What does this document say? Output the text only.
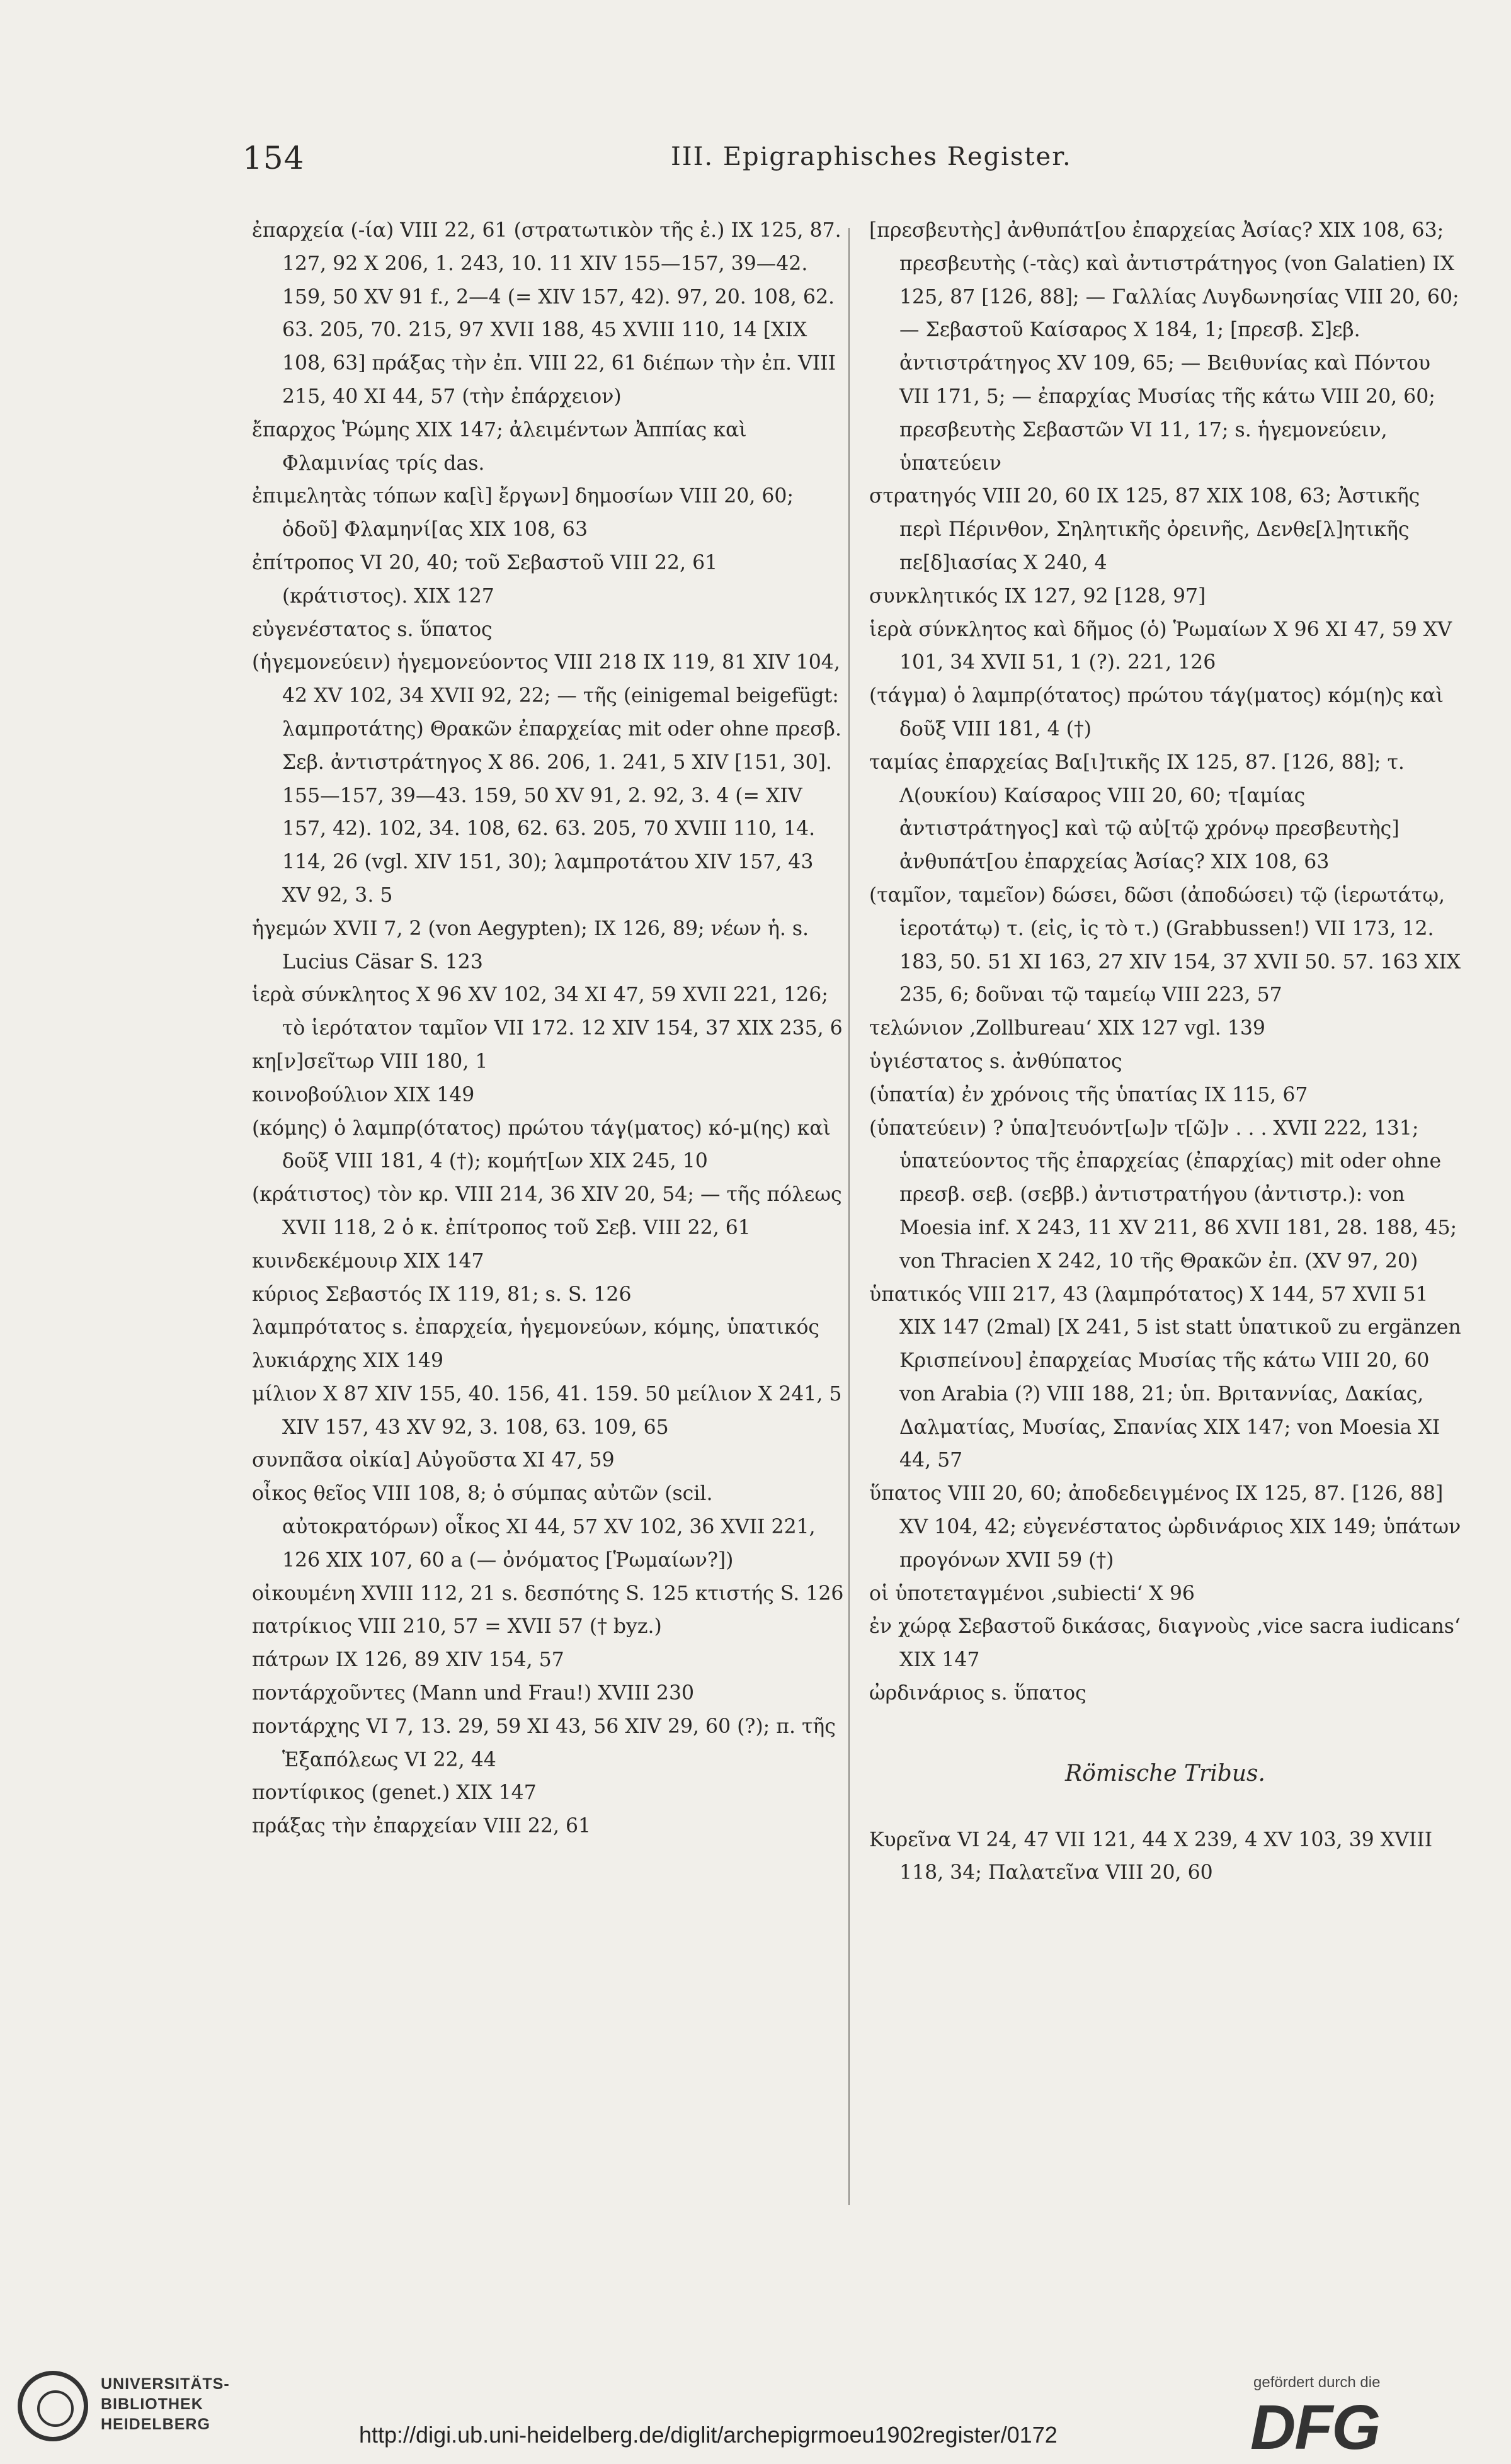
154	III. Epigraphisches Register.
ἐπαρχεία (-ία) VIII 22, 61 (στρατωτικὸν τῆς ἐ.) IX 125, 87. 127, 92 X 206, 1. 243, 10. 11 XIV 155—157, 39—42. 159, 50 XV 91 f., 2—4 (= XIV 157, 42). 97, 20. 108, 62. 63. 205, 70. 215, 97 XVII 188, 45 XVIII 110, 14 [XIX 108, 63] πράξας τὴν ἐπ. VIII 22, 61 διέπων τὴν ἐπ. VIII 215, 40 XI 44, 57 (τὴν ἐπάρχειον)
ἔπαρχος Ῥώμης XIX 147; ἀλειμέντων Ἀππίας καὶ Φλαμινίας τρίς das.
ἐπιμελητὰς τόπων κα[ὶ] ἔργων] δημοσίων VIII 20, 60; ὁδοῦ] Φλαμηνί[ας XIX 108, 63
ἐπίτροπος VI 20, 40; τοῦ Σεβαστοῦ VIII 22, 61 (κράτιστος). XIX 127
εὐγενέστατος s. ὕπατος
(ἡγεμονεύειν) ἡγεμονεύοντος VIII 218 IX 119, 81 XIV 104, 42 XV 102, 34 XVII 92, 22; — τῆς (einigemal beigefügt: λαμπροτάτης) Θρακῶν ἐπαρχείας mit oder ohne πρεσβ. Σεβ. ἀντιστράτηγος X 86. 206, 1. 241, 5 XIV [151, 30]. 155—157, 39—43. 159, 50 XV 91, 2. 92, 3. 4 (= XIV 157, 42). 102, 34. 108, 62. 63. 205, 70 XVIII 110, 14. 114, 26 (vgl. XIV 151, 30); λαμπροτάτου XIV 157, 43 XV 92, 3. 5
ἡγεμών XVII 7, 2 (von Aegypten); IX 126, 89; νέων ἡ. s. Lucius Cäsar S. 123
ἱερὰ σύνκλητος X 96 XV 102, 34 XI 47, 59 XVII 221, 126; τὸ ἱερότατον ταμῖον VII 172. 12 XIV 154, 37 XIX 235, 6
κη[ν]σεῖτωρ VIII 180, 1
κοινοβούλιον XIX 149
(κόμης) ὁ λαμπρ(ότατος) πρώτου τάγ(ματος) κό-μ(ης) καὶ δοῦξ VIII 181, 4 (†); κομήτ[ων XIX 245, 10
(κράτιστος) τὸν κρ. VIII 214, 36 XIV 20, 54; — τῆς πόλεως XVII 118, 2 ὁ κ. ἐπίτροπος τοῦ Σεβ. VIII 22, 61
κυινδεκέμουιρ XIX 147
κύριος Σεβαστός IX 119, 81; s. S. 126
λαμπρότατος s. ἐπαρχεία, ἡγεμονεύων, κόμης, ὑπατικός
λυκιάρχης XIX 149
μίλιον X 87 XIV 155, 40. 156, 41. 159. 50 μείλιον X 241, 5 XIV 157, 43 XV 92, 3. 108, 63. 109, 65
συνπᾶσα οἰκία] Αὐγοῦστα XI 47, 59
οἶκος θεῖος VIII 108, 8; ὁ σύμπας αὐτῶν (scil. αὐτοκρατόρων) οἶκος XI 44, 57 XV 102, 36 XVII 221, 126 XIX 107, 60 a (— ὀνόματος [Ῥωμαίων?])
οἰκουμένη XVIII 112, 21 s. δεσπότης S. 125 κτιστής S. 126
πατρίκιος VIII 210, 57 = XVII 57 († byz.)
πάτρων IX 126, 89 XIV 154, 57
ποντάρχοῦντες (Mann und Frau!) XVIII 230
ποντάρχης VI 7, 13. 29, 59 XI 43, 56 XIV 29, 60 (?); π. τῆς Ἑξαπόλεως VI 22, 44
ποντίφικος (genet.) XIX 147
πράξας τὴν ἐπαρχείαν VIII 22, 61
[πρεσβευτὴς] ἀνθυπάτ[ου ἐπαρχείας Ἀσίας? XIX 108, 63; πρεσβευτὴς (-τὰς) καὶ ἀντιστράτηγος (von Galatien) IX 125, 87 [126, 88]; — Γαλλίας Λυγδωνησίας VIII 20, 60; — Σεβαστοῦ Καίσαρος X 184, 1; [πρεσβ. Σ]εβ. ἀντιστράτηγος XV 109, 65; — Βειθυνίας καὶ Πόντου VII 171, 5; — ἐπαρχίας Μυσίας τῆς κάτω VIII 20, 60; πρεσβευτὴς Σεβαστῶν VI 11, 17; s. ἡγεμονεύειν, ὑπατεύειν
στρατηγός VIII 20, 60 IX 125, 87 XIX 108, 63; Ἀστικῆς περὶ Πέρινθον, Σηλητικῆς ὀρεινῆς, Δενθε[λ]ητικῆς πε[δ]ιασίας X 240, 4
συνκλητικός IX 127, 92 [128, 97]
ἱερὰ σύνκλητος καὶ δῆμος (ὁ) Ῥωμαίων X 96 XI 47, 59 XV 101, 34 XVII 51, 1 (?). 221, 126
(τάγμα) ὁ λαμπρ(ότατος) πρώτου τάγ(ματος) κόμ(η)ς καὶ δοῦξ VIII 181, 4 (†)
ταμίας ἐπαρχείας Βα[ι]τικῆς IX 125, 87. [126, 88]; τ. Λ(ουκίου) Καίσαρος VIII 20, 60; τ[αμίας ἀντιστράτηγος] καὶ τῷ αὐ[τῷ χρόνῳ πρεσβευτὴς] ἀνθυπάτ[ου ἐπαρχείας Ἀσίας? XIX 108, 63
(ταμῖον, ταμεῖον) δώσει, δῶσι (ἀποδώσει) τῷ (ἱερωτάτῳ, ἱεροτάτῳ) τ. (εἰς, ἰς τὸ τ.) (Grabbussen!) VII 173, 12. 183, 50. 51 XI 163, 27 XIV 154, 37 XVII 50. 57. 163 XIX 235, 6; δοῦναι τῷ ταμείῳ VIII 223, 57
τελώνιον ‚Zollbureau‘ XIX 127 vgl. 139
ὑγιέστατος s. ἀνθύπατος
(ὑπατία) ἐν χρόνοις τῆς ὑπατίας IX 115, 67
(ὑπατεύειν) ? ὑπα]τευόντ[ω]ν τ[ῶ]ν . . . XVII 222, 131; ὑπατεύοντος τῆς ἐπαρχείας (ἐπαρχίας) mit oder ohne πρεσβ. σεβ. (σεββ.) ἀντιστρατήγου (ἀντιστρ.): von Moesia inf. X 243, 11 XV 211, 86 XVII 181, 28. 188, 45; von Thracien X 242, 10 τῆς Θρακῶν ἐπ. (XV 97, 20)
ὑπατικός VIII 217, 43 (λαμπρότατος) X 144, 57 XVII 51 XIX 147 (2mal) [X 241, 5 ist statt ὑπατικοῦ zu ergänzen Κρισπείνου] ἐπαρχείας Μυσίας τῆς κάτω VIII 20, 60 von Arabia (?) VIII 188, 21; ὑπ. Βριταννίας, Δακίας, Δαλματίας, Μυσίας, Σπανίας XIX 147; von Moesia XI 44, 57
ὕπατος VIII 20, 60; ἀποδεδειγμένος IX 125, 87. [126, 88] XV 104, 42; εὐγενέστατος ὠρδινάριος XIX 149; ὑπάτων προγόνων XVII 59 (†)
οἱ ὑποτεταγμένοι ‚subiecti‘ X 96
ἐν χώρᾳ Σεβαστοῦ δικάσας, διαγνοὺς ‚vice sacra iudicans‘ XIX 147
ὠρδινάριος s. ὕπατος
Römische Tribus.
Κυρεῖνα VI 24, 47 VII 121, 44 X 239, 4 XV 103, 39 XVIII 118, 34; Παλατεῖνα VIII 20, 60
UNIVERSITÄTS-
BIBLIOTHEK
HEIDELBERG	http://digi.ub.uni-heidelberg.de/diglit/archepigrmoeu1902register/0172
gefördert durch die
DFG
